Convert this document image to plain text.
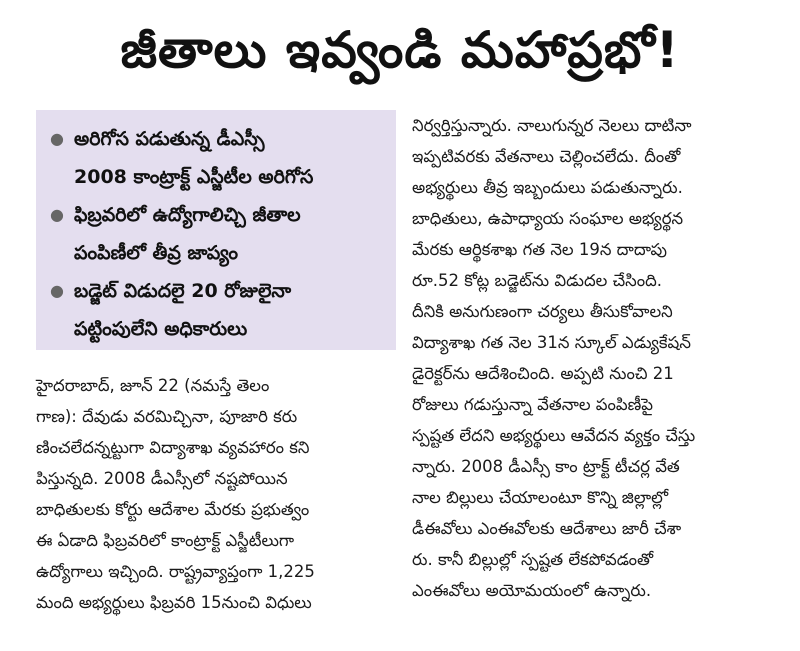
జీతాలు ఇవ్వండి మహాప్రభో!
● అరిగోస పడుతున్న డీఎస్సీ
2008 కాంట్రాక్ట్ ఎస్జీటీల అరిగోస
● ఫిబ్రవరిలో ఉద్యోగాలిచ్చి జీతాల
పంపిణీలో తీవ్ర జాప్యం
● బడ్జెట్ విడుదలై 20 రోజులైనా
పట్టింపులేని అధికారులు
హైదరాబాద్, జూన్ 22 (నమస్తే తెలం
గాణ): దేవుడు వరమిచ్చినా, పూజారి కరు
ణించలేదన్నట్టుగా విద్యాశాఖ వ్యవహారం కని
పిస్తున్నది. 2008 డీఎస్సీలో నష్టపోయిన
బాధితులకు కోర్టు ఆదేశాల మేరకు ప్రభుత్వం
ఈ ఏడాది ఫిబ్రవరిలో కాంట్రాక్ట్ ఎస్జీటీలుగా
ఉద్యోగాలు ఇచ్చింది. రాష్ట్రవ్యాప్తంగా 1,225
మంది అభ్యర్థులు ఫిబ్రవరి 15నుంచి విధులు
నిర్వర్తిస్తున్నారు. నాలుగున్నర నెలలు దాటినా
ఇప్పటివరకు వేతనాలు చెల్లించలేదు. దీంతో
అభ్యర్థులు తీవ్ర ఇబ్బందులు పడుతున్నారు.
బాధితులు, ఉపాధ్యాయ సంఘాల అభ్యర్థన
మేరకు ఆర్థికశాఖ గత నెల 19న దాదాపు
రూ.52 కోట్ల బడ్జెట్‌ను విడుదల చేసింది.
దీనికి అనుగుణంగా చర్యలు తీసుకోవాలని
విద్యాశాఖ గత నెల 31న స్కూల్ ఎడ్యుకేషన్
డైరెక్టర్‌ను ఆదేశించింది. అప్పటి నుంచి 21
రోజులు గడుస్తున్నా వేతనాల పంపిణీపై
స్పష్టత లేదని అభ్యర్థులు ఆవేదన వ్యక్తం చేస్తు
న్నారు. 2008 డీఎస్సీ కాం ట్రాక్ట్ టీచర్ల వేత
నాల బిల్లులు చేయాలంటూ కొన్ని జిల్లాల్లో
డీఈవోలు ఎంఈవోలకు ఆదేశాలు జారీ చేశా
రు. కానీ బిల్లుల్లో స్పష్టత లేకపోవడంతో
ఎంఈవోలు అయోమయంలో ఉన్నారు.
